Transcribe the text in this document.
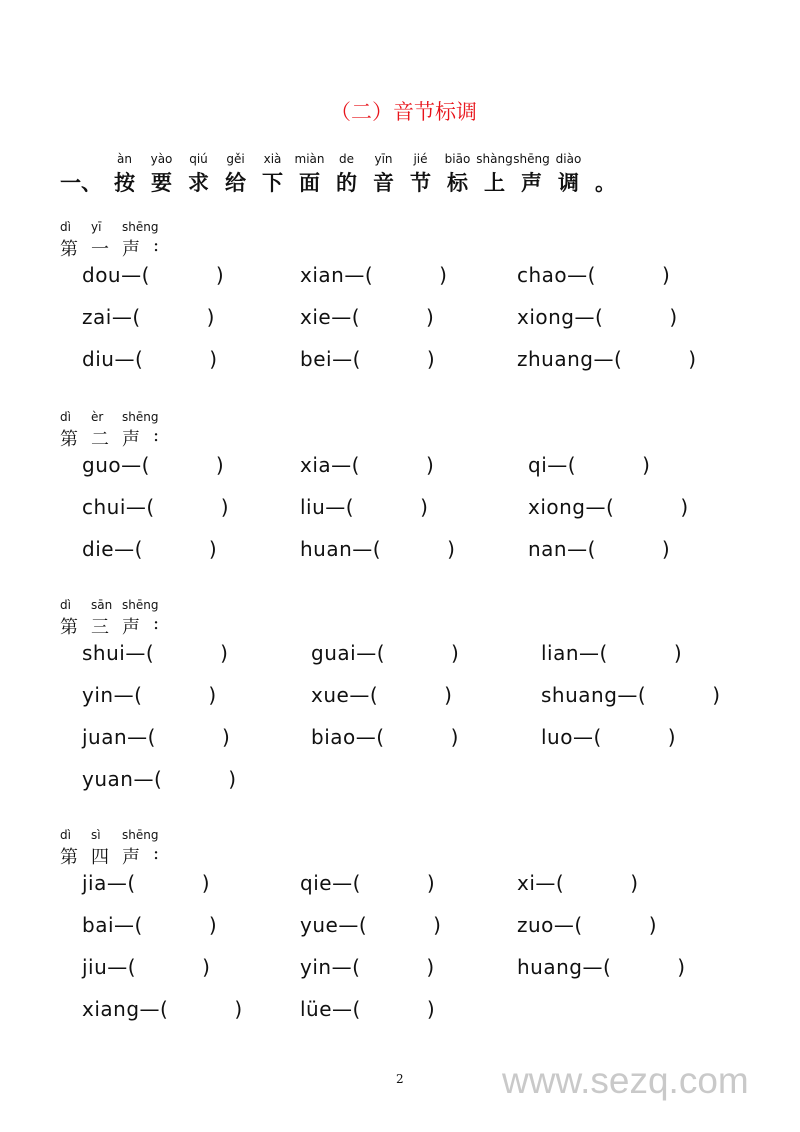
（二）音节标调
一、
àn
按
yào
要
qiú
求
gěi
给
xià
下
miàn
面
de
的
yīn
音
jié
节
biāo
标
shàng
上
shēng
声
diào
调 。
2	www.sezq.com
dì
第
yī
一
shēng
声 :
dou—(	)	xian—(	)	chao—(	)
zai—(	)	xie—(	)	xiong—(	)
diu—(	)	bei—(	)	zhuang—(	)
dì
第
èr
二
shēng
声 :
guo—(	)	xia—(	)	qi—(	)
chui—(	)	liu—(	)	xiong—(	)
die—(	)	huan—(	)	nan—(	)
dì
第
sān
三
shēng
声 :
shui—(	)	guai—(	)	lian—(	)
yin—(	)	xue—(	)	shuang—(	)
juan—(	)	biao—(	)	luo—(	)
yuan—(	)
dì
第
sì
四
shēng
声 :
jia—(	)	qie—(	)	xi—(	)
bai—(	)	yue—(	)	zuo—(	)
jiu—(	)	yin—(	)	huang—(	)
xiang—(	)	lüe—(	)
